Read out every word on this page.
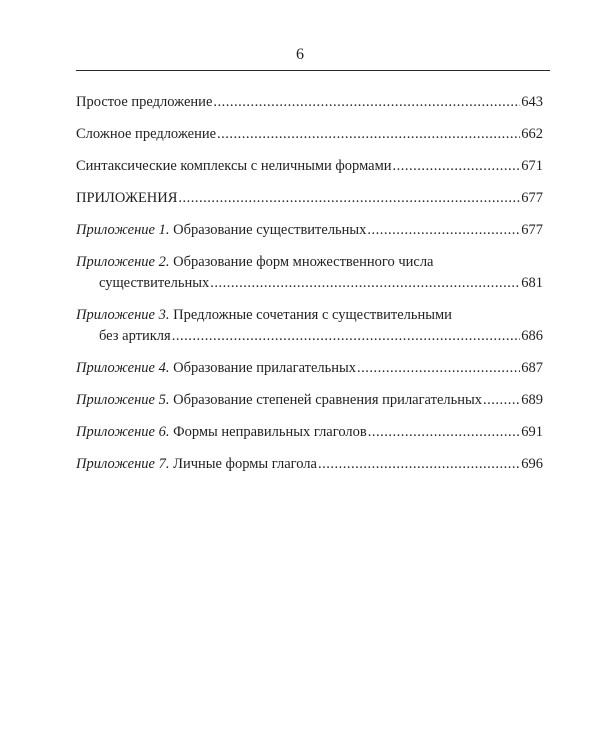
6
Простое предложение .....	643
Сложное предложение .....	662
Синтаксические комплексы с неличными формами .....	671
ПРИЛОЖЕНИЯ .....	677
Приложение 1. Образование существительных .....	677
Приложение 2. Образование форм множественного числа
существительных .....	681
Приложение 3. Предложные сочетания с существительными
без артикля .....	686
Приложение 4. Образование прилагательных .....	687
Приложение 5. Образование степеней сравнения прилагательных .....	689
Приложение 6. Формы неправильных глаголов .....	691
Приложение 7. Личные формы глагола .....	696
